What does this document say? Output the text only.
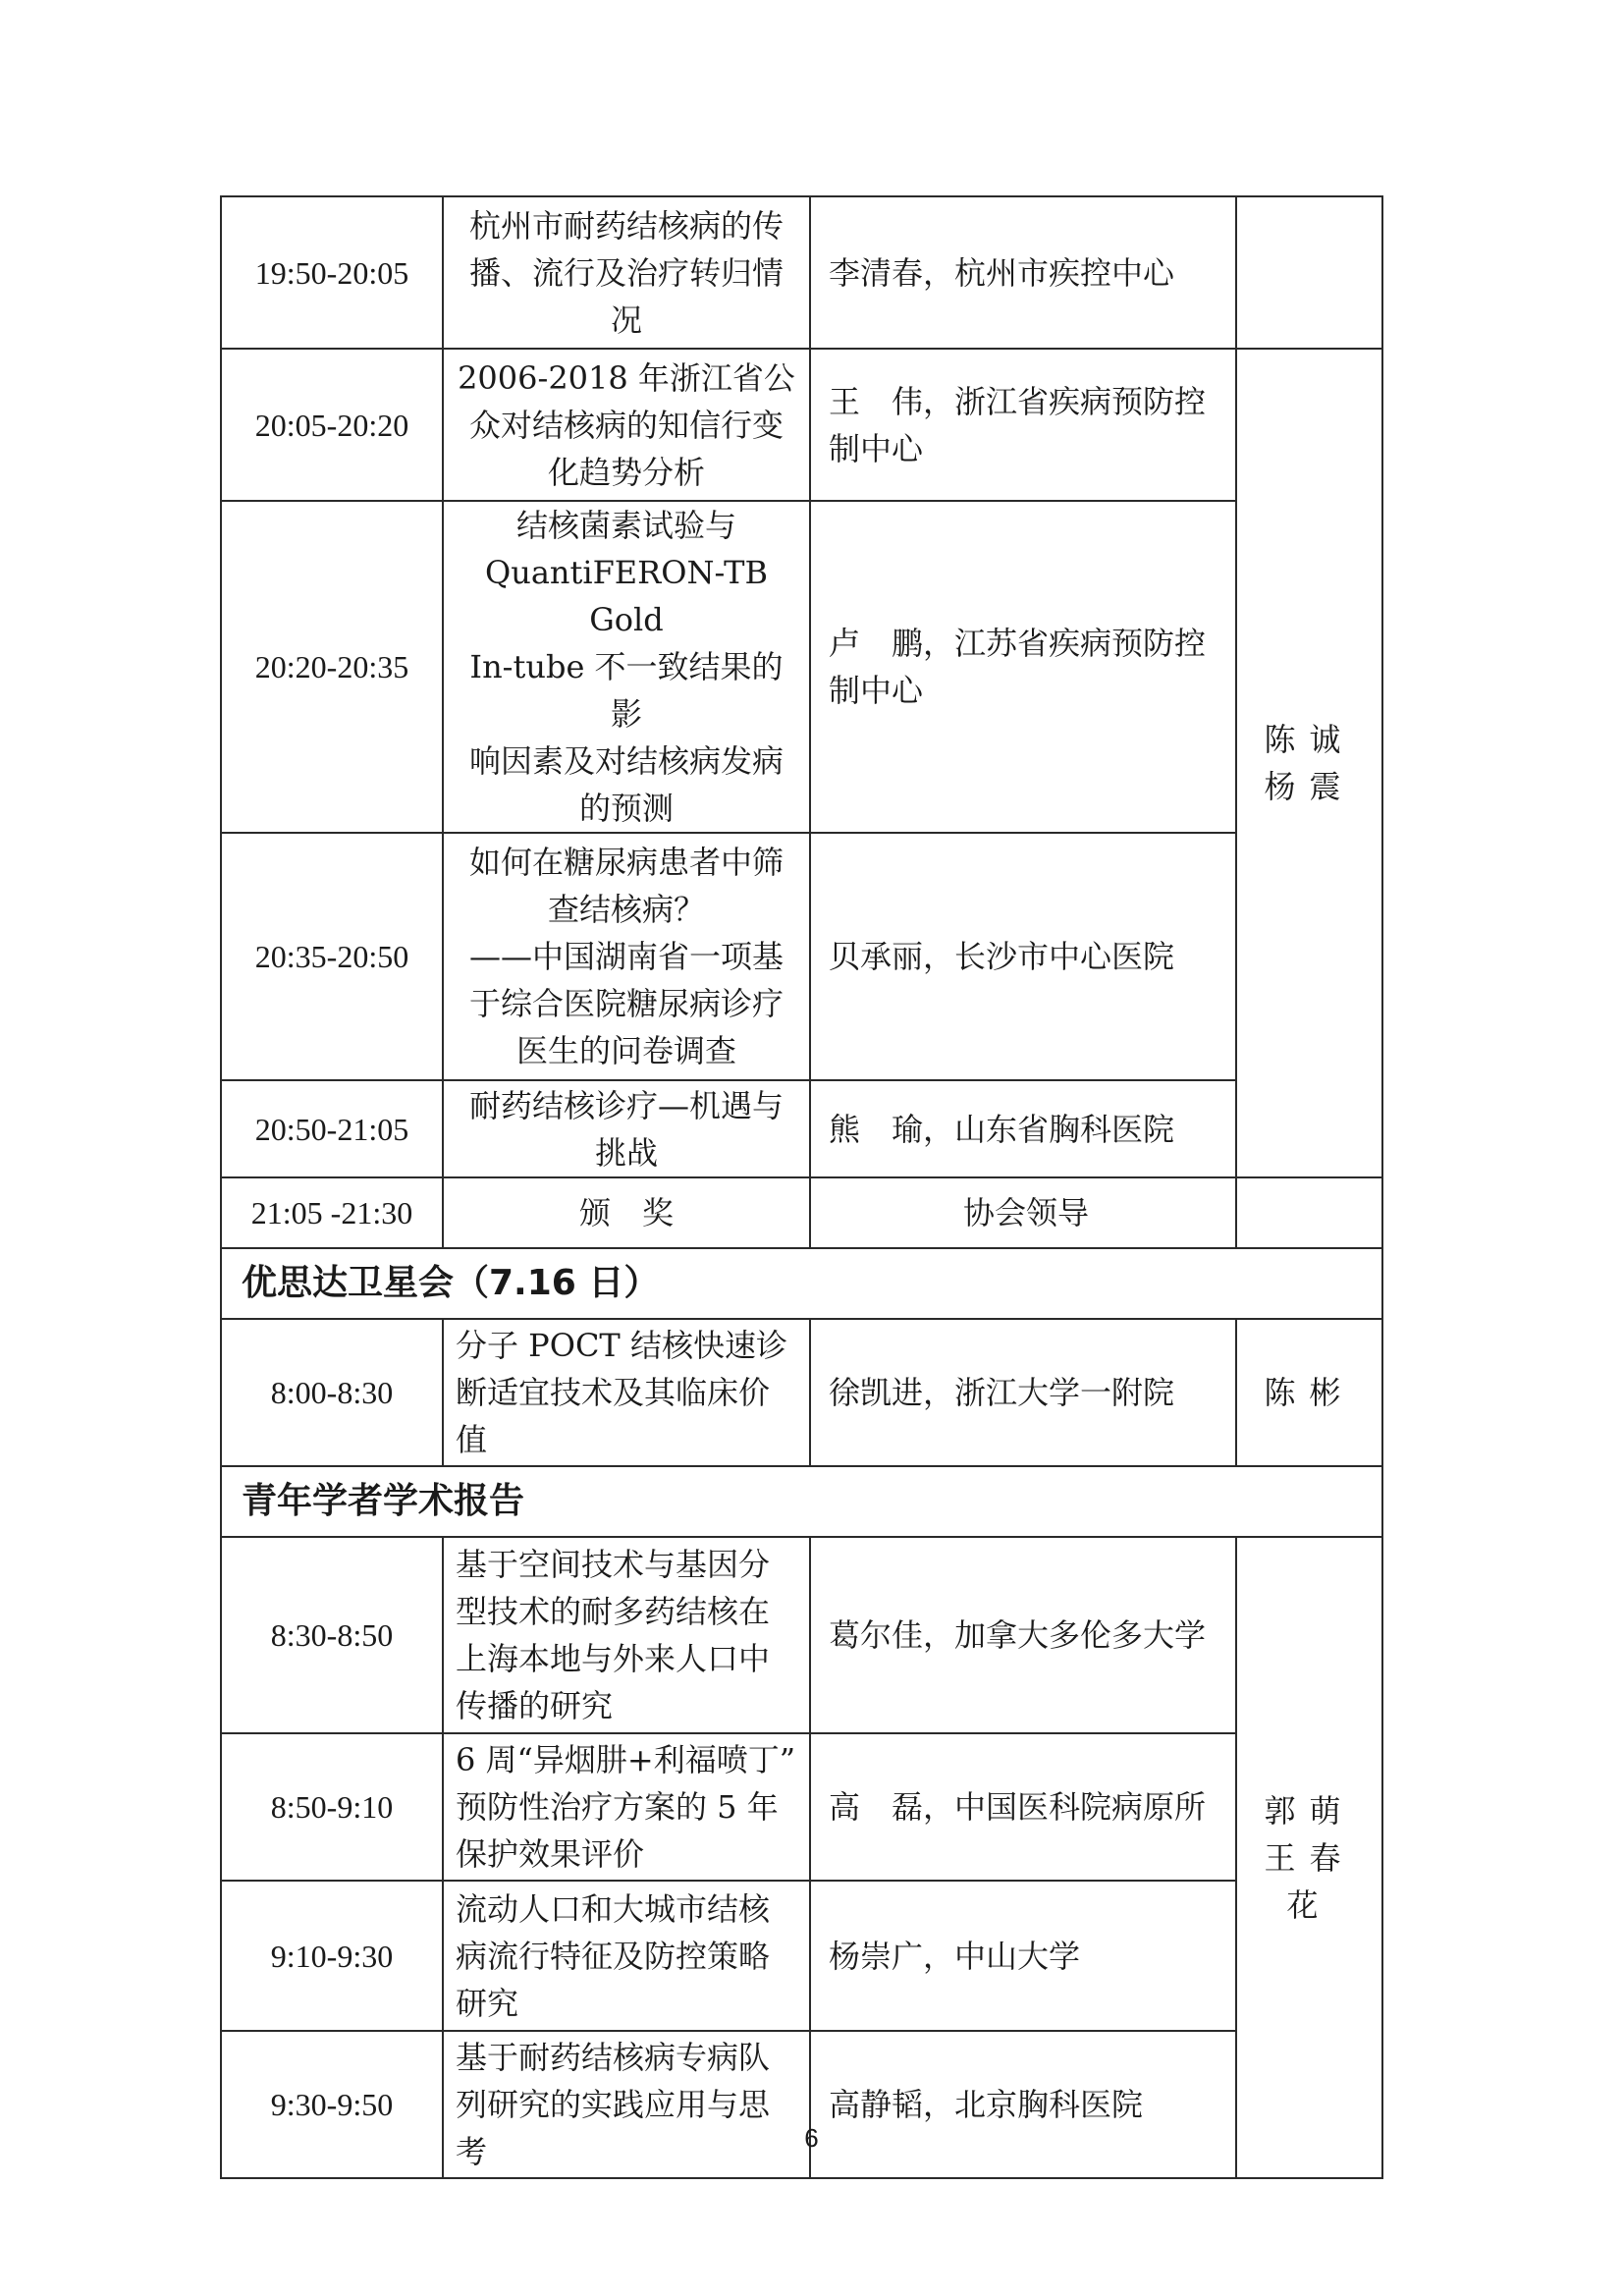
19:50-20:05	杭州市耐药结核病的传
播、流行及治疗转归情
况	李清春，杭州市疾控中心	
20:05-20:20	2006-2018 年浙江省公
众对结核病的知信行变
化趋势分析	王　伟，浙江省疾病预防控制中心	陈诚
杨震

20:20-20:35	结核菌素试验与
QuantiFERON-TB Gold
In-tube 不一致结果的影
响因素及对结核病发病
的预测	卢　鹏，江苏省疾病预防控制中心	
20:35-20:50	如何在糖尿病患者中筛
查结核病？
——中国湖南省一项基
于综合医院糖尿病诊疗
医生的问卷调查	贝承丽，长沙市中心医院	
20:50-21:05	耐药结核诊疗—机遇与
挑战	熊　瑜，山东省胸科医院	
21:05 -21:30	颁　奖	协会领导	
优思达卫星会（7.16 日）			
8:00-8:30	分子 POCT 结核快速诊
断适宜技术及其临床价
值	徐凯进，浙江大学一附院	陈彬
青年学者学术报告			
8:30-8:50	基于空间技术与基因分
型技术的耐多药结核在
上海本地与外来人口中
传播的研究	葛尔佳，加拿大多伦多大学	郭萌
王春花

8:50-9:10	6 周“异烟肼+利福喷丁”
预防性治疗方案的 5 年
保护效果评价	高　磊，中国医科院病原所	
9:10-9:30	流动人口和大城市结核
病流行特征及防控策略
研究	杨崇广，中山大学	
9:30-9:50	基于耐药结核病专病队
列研究的实践应用与思
考	高静韬，北京胸科医院	
6
